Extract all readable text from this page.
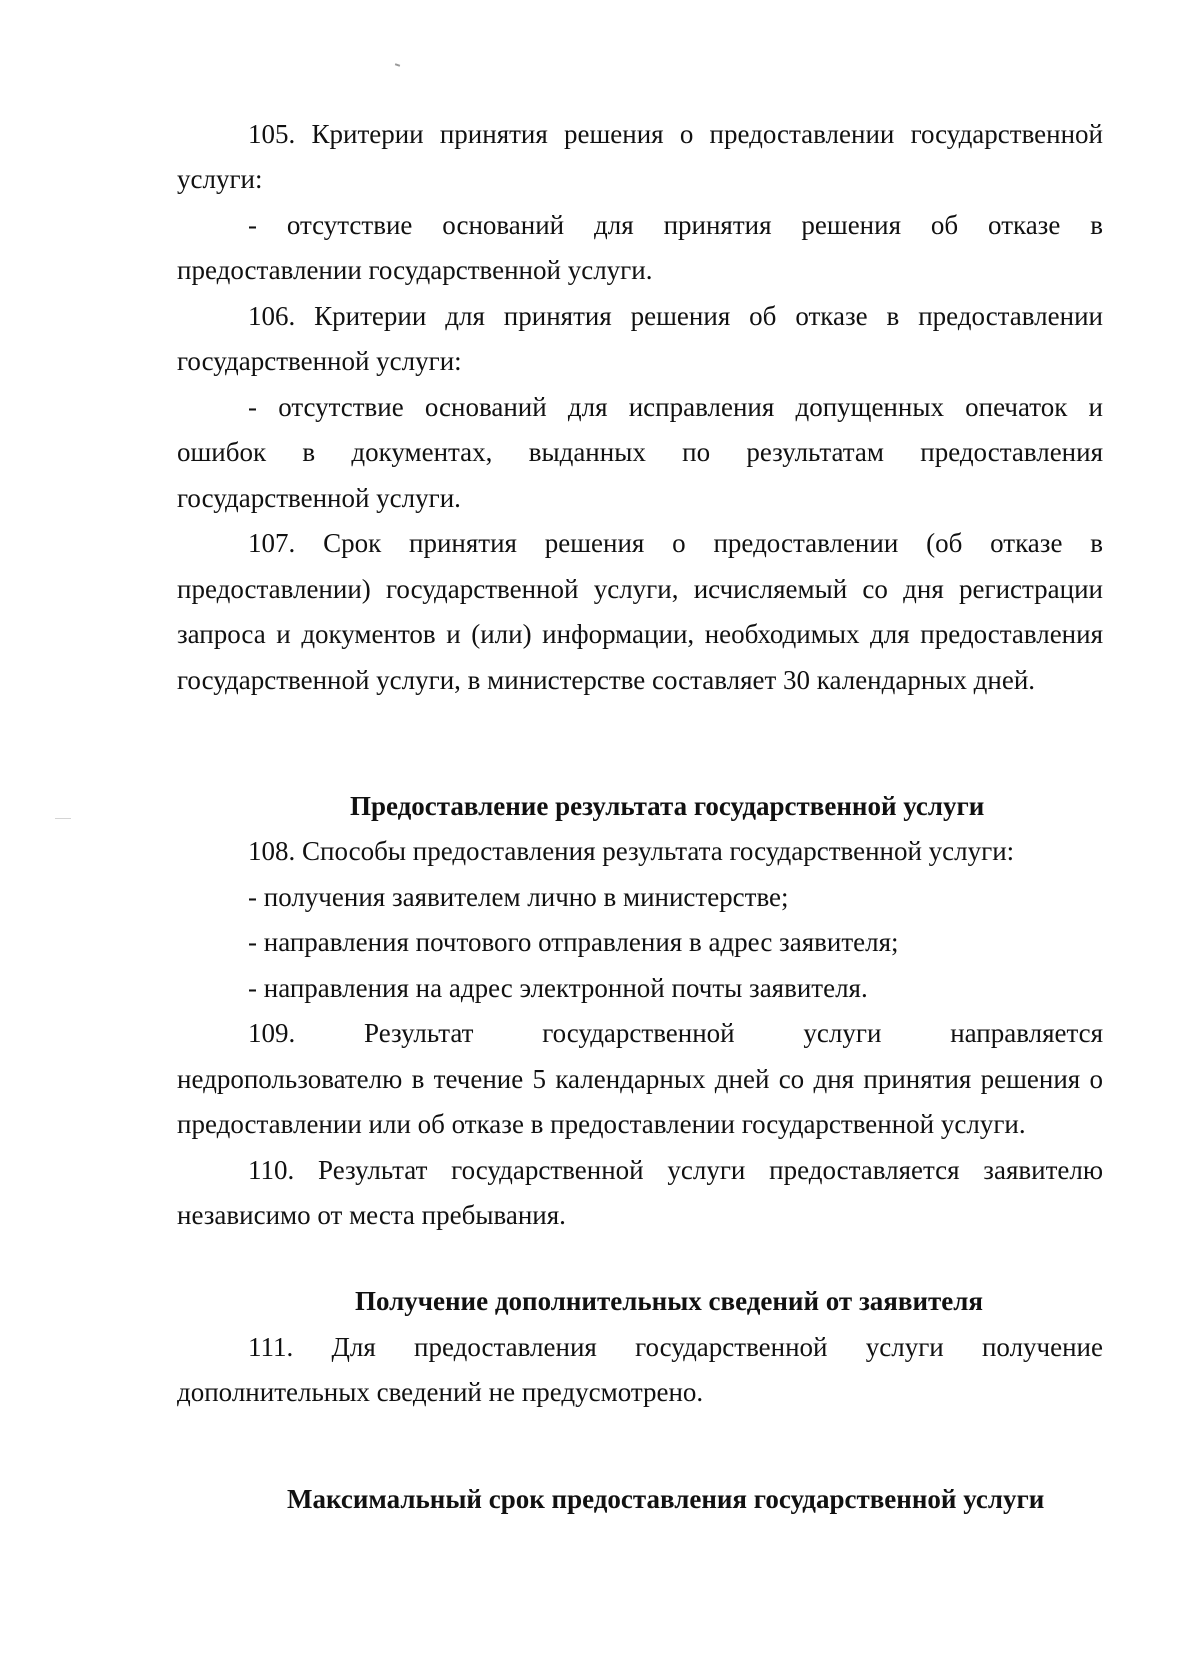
105. Критерии принятия решения о предоставлении государственной

услуги:

- отсутствие оснований для принятия решения об отказе в

предоставлении государственной услуги.

106. Критерии для принятия решения об отказе в предоставлении

государственной услуги:

- отсутствие оснований для исправления допущенных опечаток и

ошибок в документах, выданных по результатам предоставления

государственной услуги.

107. Срок принятия решения о предоставлении (об отказе в

предоставлении) государственной услуги, исчисляемый со дня регистрации

запроса и документов и (или) информации, необходимых для предоставления

государственной услуги, в министерстве составляет 30 календарных дней.

Предоставление результата государственной услуги

108. Способы предоставления результата государственной услуги:

- получения заявителем лично в министерстве;

- направления почтового отправления в адрес заявителя;

- направления на адрес электронной почты заявителя.

109. Результат государственной услуги направляется

недропользователю в течение 5 календарных дней со дня принятия решения о

предоставлении или об отказе в предоставлении государственной услуги.

110. Результат государственной услуги предоставляется заявителю

независимо от места пребывания.

Получение дополнительных сведений от заявителя

111. Для предоставления государственной услуги получение

дополнительных сведений не предусмотрено.

Максимальный срок предоставления государственной услуги
